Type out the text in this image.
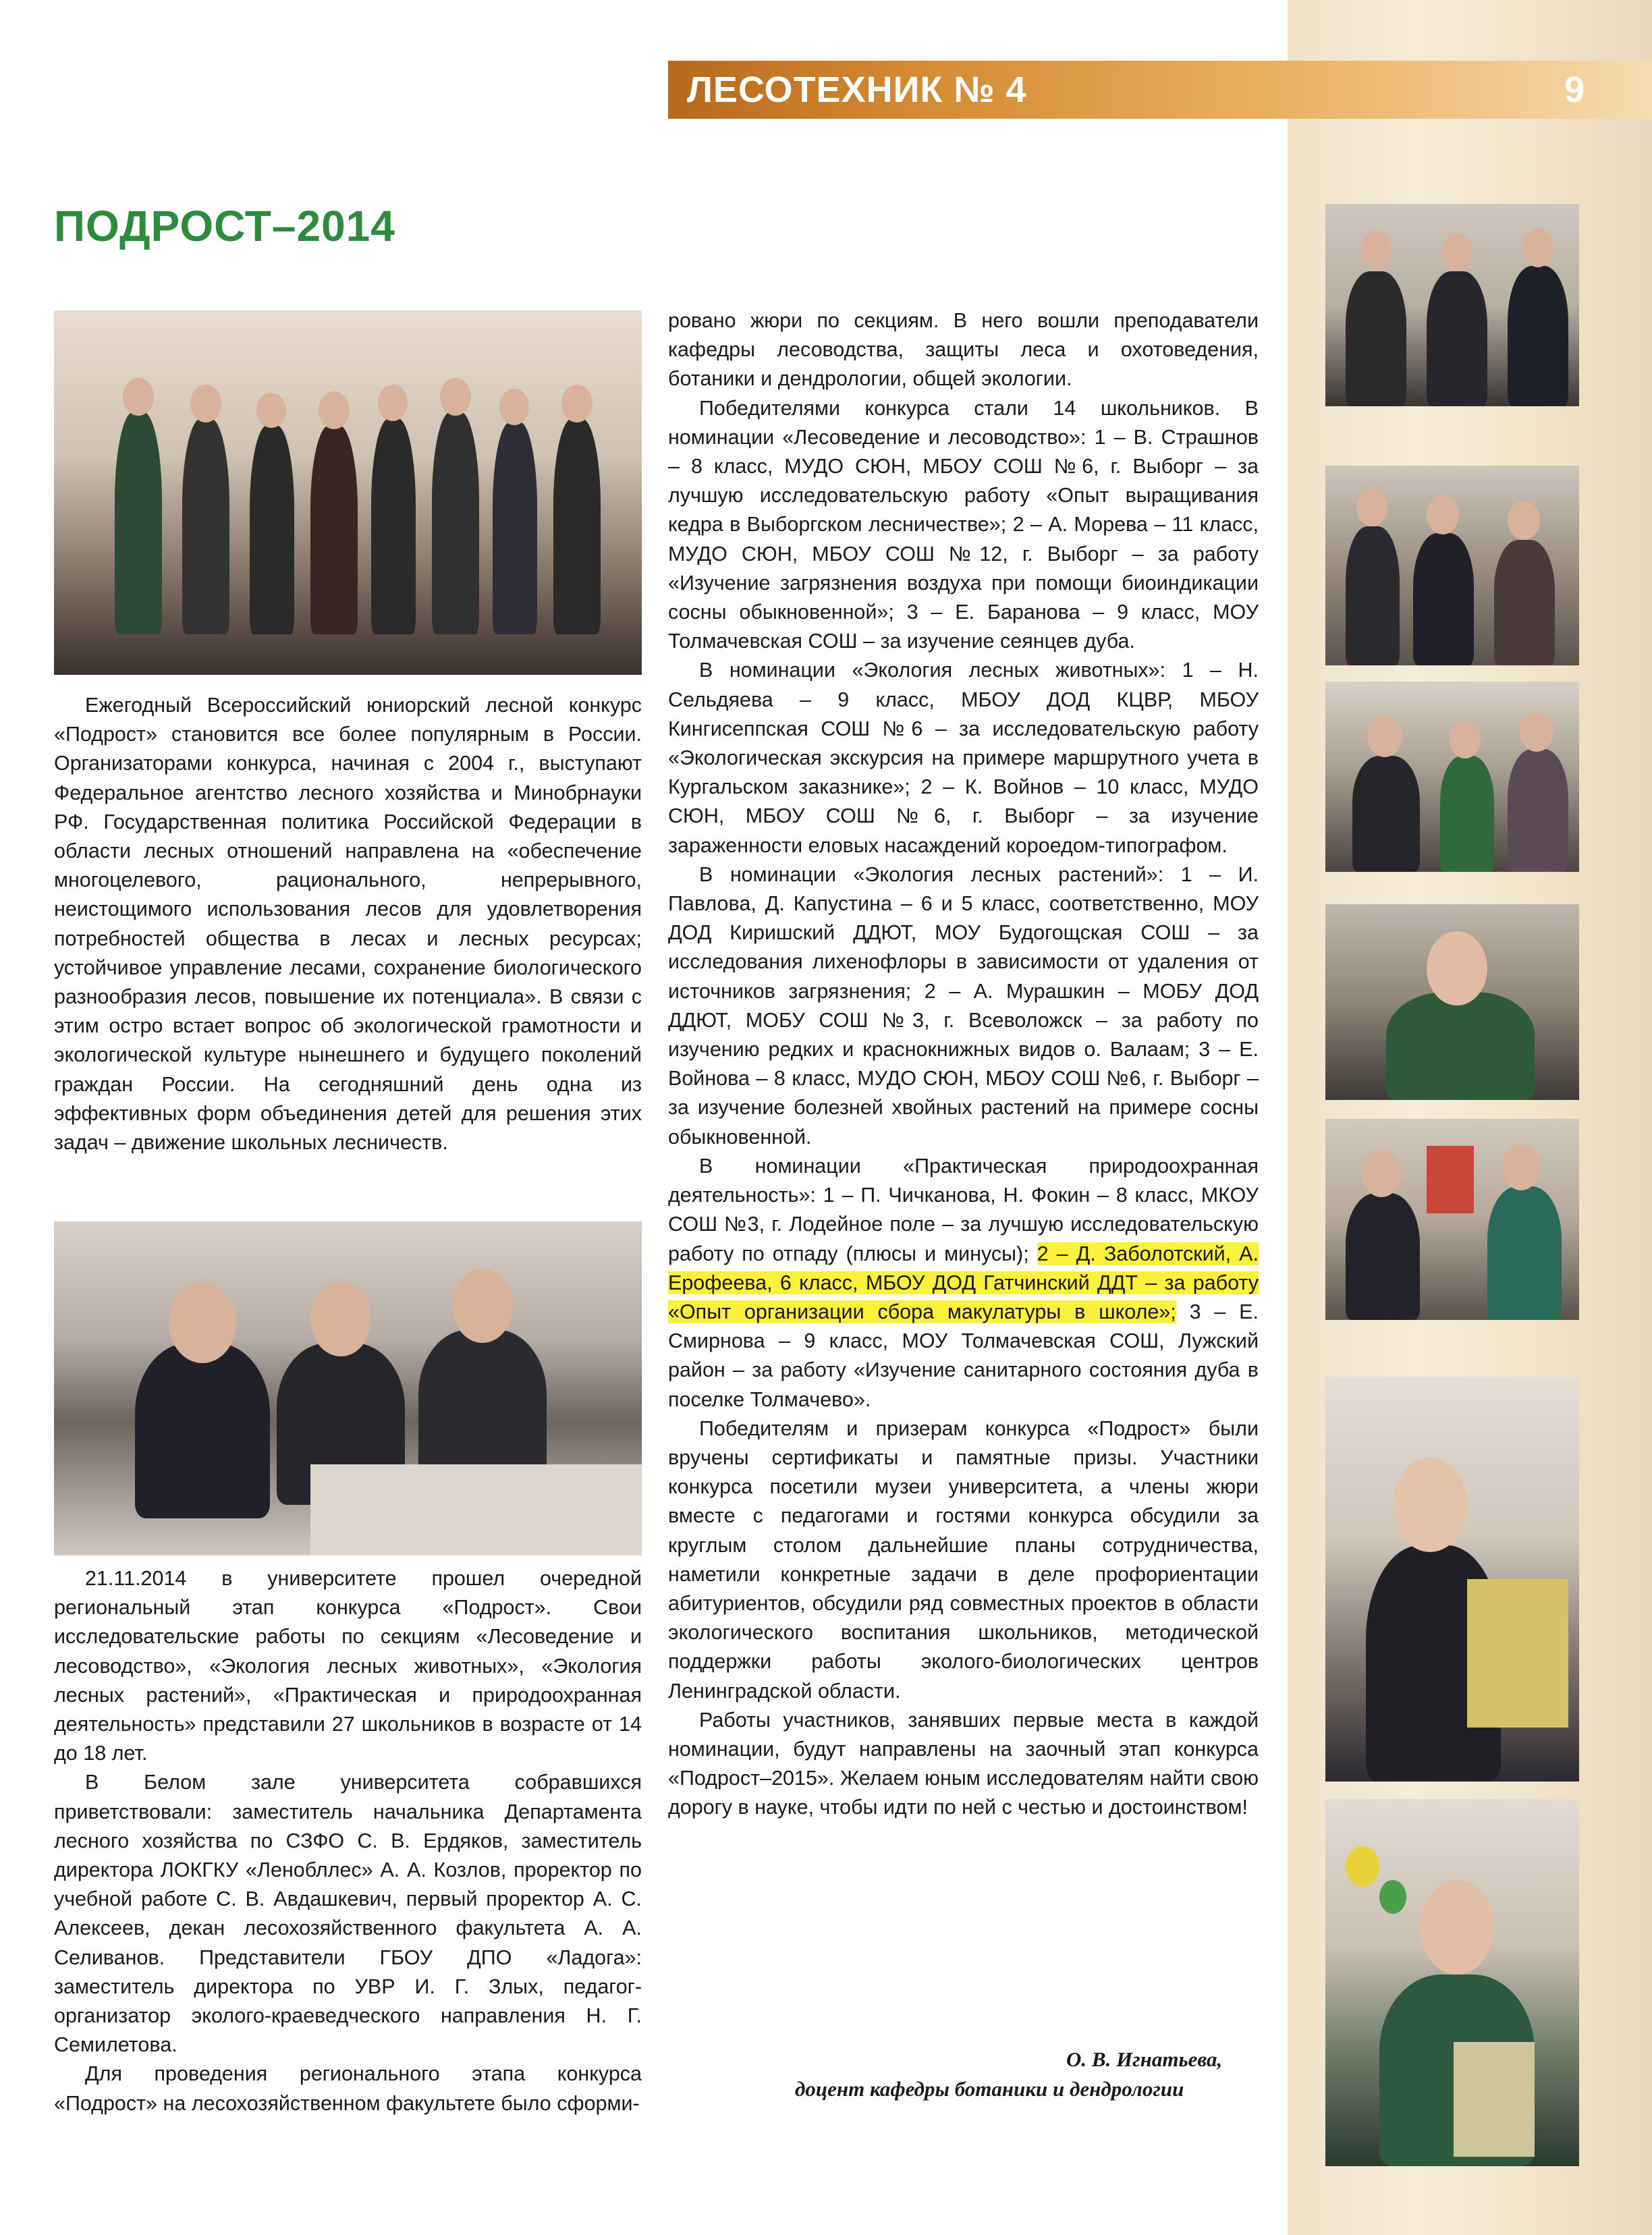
ЛЕСОТЕХНИК № 4	9
ПОДРОСТ–2014

Ежегодный Всероссийский юниорский лесной конкурс «Подрост» становится все более популярным в России. Организаторами конкурса, начиная с 2004 г., выступают Федеральное агентство лесного хозяйства и Минобрнауки РФ. Государственная политика Российской Федерации в области лесных отношений направлена на «обеспечение многоцелевого, рационального, непрерывного, неистощимого использования лесов для удовлетворения потребностей общества в лесах и лесных ресурсах; устойчивое управление лесами, сохранение биологического разнообразия лесов, повышение их потенциала». В связи с этим остро встает вопрос об экологической грамотности и экологической культуре нынешнего и будущего поколений граждан России. На сегодняшний день одна из эффективных форм объединения детей для решения этих задач – движение школьных лесничеств.

21.11.2014 в университете прошел очередной региональный этап конкурса «Подрост». Свои исследовательские работы по секциям «Лесоведение и лесоводство», «Экология лесных животных», «Экология лесных растений», «Практическая и природоохранная деятельность» представили 27 школьников в возрасте от 14 до 18 лет.

В Белом зале университета собравшихся приветствовали: заместитель начальника Департамента лесного хозяйства по СЗФО С. В. Ердяков, заместитель директора ЛОКГКУ «Ленобллес» А. А. Козлов, проректор по учебной работе С. В. Авдашкевич, первый проректор А. С. Алексеев, декан лесохозяйственного факультета А. А. Селиванов. Представители ГБОУ ДПО «Ладога»: заместитель директора по УВР И. Г. Злых, педагог-организатор эколого-краеведческого направления Н. Г. Семилетова.

Для проведения регионального этапа конкурса «Подрост» на лесохозяйственном факультете было сформи-

ровано жюри по секциям. В него вошли преподаватели кафедры лесоводства, защиты леса и охотоведения, ботаники и дендрологии, общей экологии.

Победителями конкурса стали 14 школьников. В номинации «Лесоведение и лесоводство»: 1 – В. Страшнов – 8 класс, МУДО СЮН, МБОУ СОШ №6, г. Выборг – за лучшую исследовательскую работу «Опыт выращивания кедра в Выборгском лесничестве»; 2 – А. Морева – 11 класс, МУДО СЮН, МБОУ СОШ №12, г. Выборг – за работу «Изучение загрязнения воздуха при помощи биоиндикации сосны обыкновенной»; 3 – Е. Баранова – 9 класс, МОУ Толмачевская СОШ – за изучение сеянцев дуба.

В номинации «Экология лесных животных»: 1 – Н. Сельдяева – 9 класс, МБОУ ДОД КЦВР, МБОУ Кингисеппская СОШ №6 – за исследовательскую работу «Экологическая экскурсия на примере маршрутного учета в Кургальском заказнике»; 2 – К. Войнов – 10 класс, МУДО СЮН, МБОУ СОШ №6, г. Выборг – за изучение зараженности еловых насаждений короедом-типографом.

В номинации «Экология лесных растений»: 1 – И. Павлова, Д. Капустина – 6 и 5 класс, соответственно, МОУ ДОД Киришский ДДЮТ, МОУ Будогощская СОШ – за исследования лихенофлоры в зависимости от удаления от источников загрязнения; 2 – А. Мурашкин – МОБУ ДОД ДДЮТ, МОБУ СОШ №3, г. Всеволожск – за работу по изучению редких и краснокнижных видов о. Валаам; 3 – Е. Войнова – 8 класс, МУДО СЮН, МБОУ СОШ №6, г. Выборг – за изучение болезней хвойных растений на примере сосны обыкновенной.

В номинации «Практическая природоохранная деятельность»: 1 – П. Чичканова, Н. Фокин – 8 класс, МКОУ СОШ №3, г. Лодейное поле – за лучшую исследовательскую работу по отпаду (плюсы и минусы); 2 – Д. Заболотский, А. Ерофеева, 6 класс, МБОУ ДОД Гатчинский ДДТ – за работу «Опыт организации сбора макулатуры в школе»; 3 – Е. Смирнова – 9 класс, МОУ Толмачевская СОШ, Лужский район – за работу «Изучение санитарного состояния дуба в поселке Толмачево».

Победителям и призерам конкурса «Подрост» были вручены сертификаты и памятные призы. Участники конкурса посетили музеи университета, а члены жюри вместе с педагогами и гостями конкурса обсудили за круглым столом дальнейшие планы сотрудничества, наметили конкретные задачи в деле профориентации абитуриентов, обсудили ряд совместных проектов в области экологического воспитания школьников, методической поддержки работы эколого-биологических центров Ленинградской области.

Работы участников, занявших первые места в каждой номинации, будут направлены на заочный этап конкурса «Подрост–2015». Желаем юным исследователям найти свою дорогу в науке, чтобы идти по ней с честью и достоинством!

О. В. Игнатьева,
доцент кафедры ботаники и дендрологии
